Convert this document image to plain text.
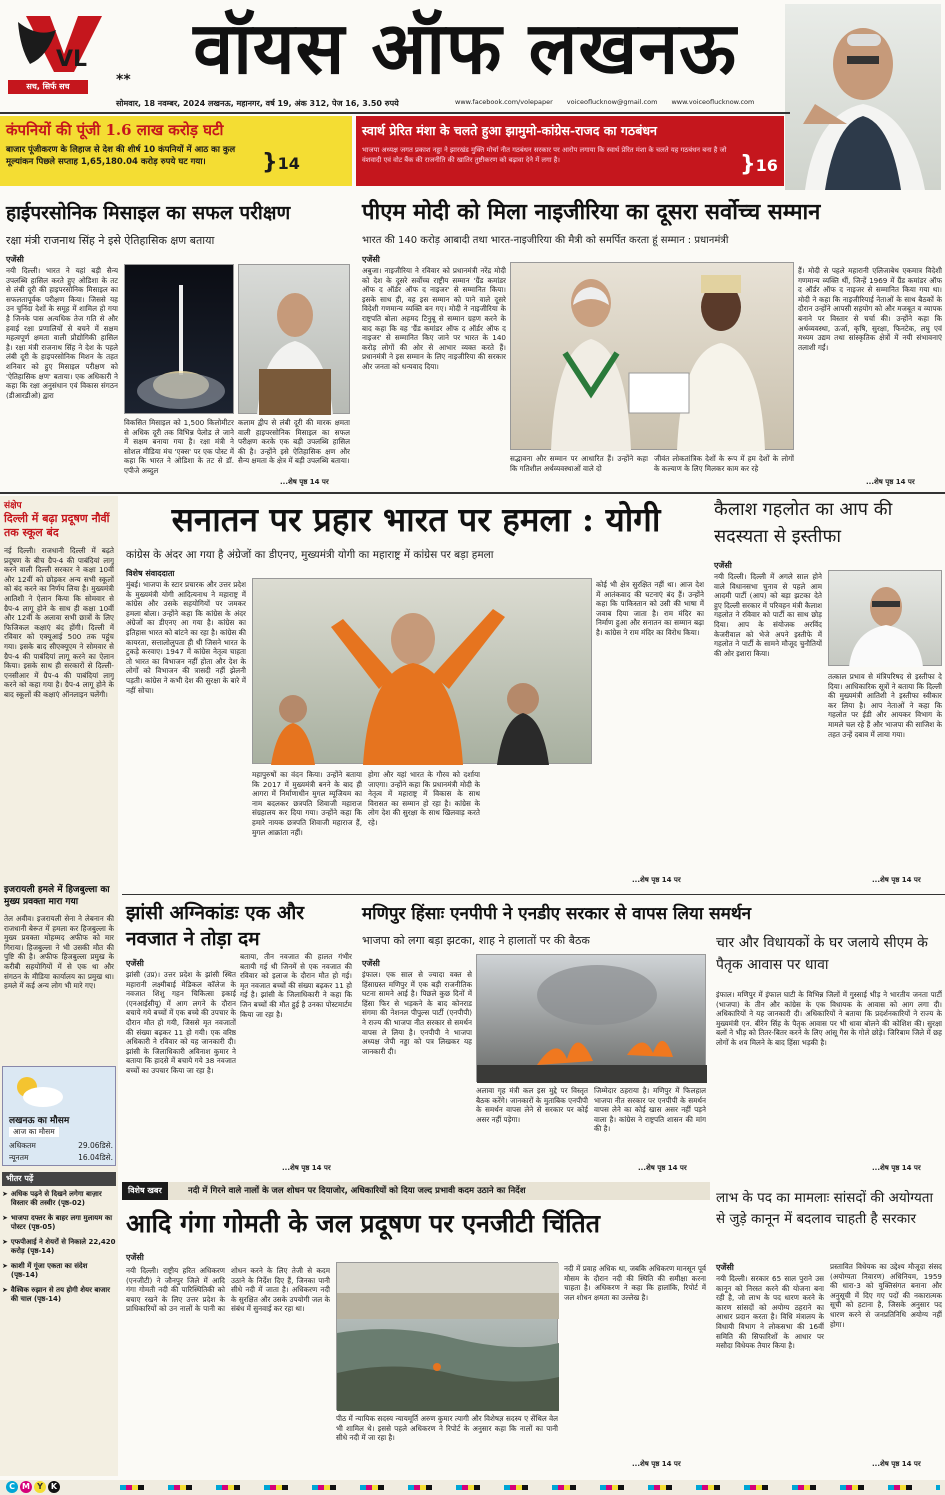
VL
सच, सिर्फ सच	** वॉयस ऑफ लखनऊ
सोमवार, 18 नवम्बर, 2024 लखनऊ, महानगर, वर्ष 19, अंक 312, पेज 16, 3.50 रुपये	www.facebook.com/volepaper voiceoflucknow@gmail.com www.voiceoflucknow.com
कंपनियों की पूंजी 1.6 लाख करोड़ घटी
बाजार पूंजीकरण के लिहाज से देश की शीर्ष 10 कंपनियों में आठ का कुल मूल्यांकन पिछले सप्ताह 1,65,180.04 करोड़ रुपये घट गया।	}14
स्वार्थ प्रेरित मंशा के चलते हुआ झामुमो-कांग्रेस-राजद का गठबंधन
भाजपा अध्यक्ष जगत प्रकाश नड्डा ने झारखंड मुक्ति मोर्चा नीत गठबंधन सरकार पर आरोप लगाया कि स्वार्थ प्रेरित मंशा के चलते यह गठबंधन बना है जो वंशवादी एवं वोट बैंक की राजनीति की खातिर तुष्टीकरण को बढ़ावा देने में लगा है।	}16
हाईपरसोनिक मिसाइल का सफल परीक्षण
रक्षा मंत्री राजनाथ सिंह ने इसे ऐतिहासिक क्षण बताया
एजेंसी
नयी दिल्ली। भारत ने यहां बड़ी सैन्य उपलब्धि हासिल करते हुए ओडिशा के तट से लंबी दूरी की हाइपरसोनिक मिसाइल का सफलतापूर्वक परीक्षण किया। जिससे यह उन चुनिंदा देशों के समूह में शामिल हो गया है जिनके पास अत्यधिक तेज गति से और हवाई रक्षा प्रणालियों से बचने में सक्षम महत्वपूर्ण क्षमता वाली प्रौद्योगिकी हासिल है। रक्षा मंत्री राजनाथ सिंह ने देश के पहले लंबी दूरी के हाइपरसोनिक मिशन के तहत शनिवार को हुए मिसाइल परीक्षण को 'ऐतिहासिक क्षण' बताया। एक अधिकारी ने कहा कि रक्षा अनुसंधान एवं विकास संगठन (डीआरडीओ) द्वारा
विकसित मिसाइल को 1,500 किलोमीटर से अधिक दूरी तक विभिन्न पेलोड ले जाने में सक्षम बनाया गया है। रक्षा मंत्री ने सोशल मीडिया मंच 'एक्स' पर एक पोस्ट में कहा कि भारत ने ओडिशा के तट से डॉ. एपीजे अब्दुल
कलाम द्वीप से लंबी दूरी की मारक क्षमता वाली हाइपरसोनिक मिसाइल का सफल परीक्षण करके एक बड़ी उपलब्धि हासिल की है। उन्होंने इसे ऐतिहासिक क्षण और सैन्य क्षमता के क्षेत्र में बड़ी उपलब्धि बताया।
...शेष पृष्ठ 14 पर
पीएम मोदी को मिला नाइजीरिया का दूसरा सर्वोच्च सम्मान
भारत की 140 करोड़ आबादी तथा भारत-नाइजीरिया की मैत्री को समर्पित करता हूं सम्मान : प्रधानमंत्री
एजेंसी
अबुजा। नाइजीरिया ने रविवार को प्रधानमंत्री नरेंद्र मोदी को देश के दूसरे सर्वोच्च राष्ट्रीय सम्मान 'ग्रैंड कमांडर ऑफ द ऑर्डर ऑफ द नाइजर' से सम्मानित किया। इसके साथ ही, वह इस सम्मान को पाने वाले दूसरे विदेशी गणमान्य व्यक्ति बन गए। मोदी ने नाइजीरिया के राष्ट्रपति बोला अहमद टिनुबू से सम्मान ग्रहण करने के बाद कहा कि वह 'ग्रैंड कमांडर ऑफ द ऑर्डर ऑफ द नाइजर' से सम्मानित किए जाने पर भारत के 140 करोड़ लोगों की ओर से आभार व्यक्त करते हैं। प्रधानमंत्री ने इस सम्मान के लिए नाइजीरिया की सरकार और जनता को धन्यवाद दिया।
सद्भावना और सम्मान पर आधारित हैं। उन्होंने कहा कि गतिशील अर्थव्यवस्थाओं वाले दो
जीवंत लोकतांत्रिक देशों के रूप में हम देशों के लोगों के कल्याण के लिए मिलकर काम कर रहे
हैं। मोदी से पहले महारानी एलिजाबेथ एकमात्र विदेशी गणमान्य व्यक्ति थीं, जिन्हें 1969 में ग्रैंड कमांडर ऑफ द ऑर्डर ऑफ द नाइजर से सम्मानित किया गया था। मोदी ने कहा कि नाइजीरियाई नेताओं के साथ बैठकों के दौरान उन्होंने आपसी सहयोग को और मजबूत व व्यापक बनाने पर विस्तार से चर्चा की। उन्होंने कहा कि अर्थव्यवस्था, ऊर्जा, कृषि, सुरक्षा, फिनटेक, लघु एवं मध्यम उद्यम तथा सांस्कृतिक क्षेत्रों में नयी संभावनाएं तलाशी गईं।
...शेष पृष्ठ 14 पर
संक्षेप
दिल्ली में बढ़ा प्रदूषण नौवीं तक स्कूल बंद
नई दिल्ली। राजधानी दिल्ली में बढ़ते प्रदूषण के बीच ग्रैप-4 की पाबंदियां लागू करने वाली दिल्ली सरकार ने कक्षा 10वीं और 12वीं को छोड़कर अन्य सभी स्कूलों को बंद करने का निर्णय लिया है। मुख्यमंत्री आतिशी ने ऐलान किया कि सोमवार से ग्रैप-4 लागू होने के साथ ही कक्षा 10वीं और 12वीं के अलावा सभी छात्रों के लिए फिजिकल कक्षाएं बंद होंगी। दिल्ली में रविवार को एक्यूआई 500 तक पहुंच गया। इसके बाद सीएक्यूएम ने सोमवार से ग्रैप-4 की पाबंदियां लागू करने का ऐलान किया। इसके साथ ही सरकारों से दिल्ली-एनसीआर में ग्रैप-4 की पाबंदियां लागू करने को कहा गया है। ग्रैप-4 लागू होने के बाद स्कूलों की कक्षाएं ऑनलाइन चलेंगी।
इजरायली हमले में हिजबुल्ला का मुख्य प्रवक्ता मारा गया
तेल अवीव। इजरायली सेना ने लेबनान की राजधानी बेरूत में हमला कर हिजबुल्ला के मुख्य प्रवक्ता मोहम्मद अफीफ को मार गिराया। हिजबुल्ला ने भी उसकी मौत की पुष्टि की है। अफीफ हिजबुल्ला प्रमुख के करीबी सहयोगियों में से एक था और संगठन के मीडिया कार्यालय का प्रमुख था। हमले में कई अन्य लोग भी मारे गए।
लखनऊ का मौसम
आज का मौसम
अधिकतम	29.06डिसे.
न्यूनतम	16.04डिसे.
भीतर पढ़ें
➤ अधिक पढ़ने से दिखने लगेगा बाज़ार विस्तार की तस्वीर (पृष्ठ-02)
➤ भाजपा दफ्तर के बाहर लगा मुलायम का पोस्टर (पृष्ठ-05)
➤ एफपीआई ने शेयरों से निकाले 22,420 करोड़ (पृष्ठ-14)
➤ काशी में गूंजा एकता का संदेश (पृष्ठ-14)
➤ वैश्विक रुझान से तय होगी शेयर बाजार की चाल (पृष्ठ-14)
सनातन पर प्रहार भारत पर हमला : योगी
कांग्रेस के अंदर आ गया है अंग्रेजों का डीएनए, मुख्यमंत्री योगी का महाराष्ट्र में कांग्रेस पर बड़ा हमला
विशेष संवाददाता
मुंबई। भाजपा के स्टार प्रचारक और उत्तर प्रदेश के मुख्यमंत्री योगी आदित्यनाथ ने महाराष्ट्र में कांग्रेस और उसके सहयोगियों पर जमकर हमला बोला। उन्होंने कहा कि कांग्रेस के अंदर अंग्रेजों का डीएनए आ गया है। कांग्रेस का इतिहास भारत को बांटने का रहा है। कांग्रेस की कायरता, सत्तालोलुपता ही थी जिसने भारत के टुकड़े करवाए। 1947 में कांग्रेस नेतृत्व चाहता तो भारत का विभाजन नहीं होता और देश के लोगों को विभाजन की त्रासदी नहीं झेलनी पड़ती। कांग्रेस ने कभी देश की सुरक्षा के बारे में नहीं सोचा।
महापुरुषों का वंदन किया। उन्होंने बताया कि 2017 में मुख्यमंत्री बनने के बाद ही आगरा में निर्माणाधीन मुगल म्यूजियम का नाम बदलकर छत्रपति शिवाजी महाराज संग्रहालय कर दिया गया। उन्होंने कहा कि हमारे नायक छत्रपति शिवाजी महाराज हैं, मुगल आक्रांता नहीं।
होगा और यहां भारत के गौरव को दर्शाया जाएगा। उन्होंने कहा कि प्रधानमंत्री मोदी के नेतृत्व में महाराष्ट्र में विकास के साथ विरासत का सम्मान हो रहा है। कांग्रेस के लोग देश की सुरक्षा के साथ खिलवाड़ करते रहे।
कोई भी क्षेत्र सुरक्षित नहीं था। आज देश में आतंकवाद की घटनाएं बंद हैं। उन्होंने कहा कि पाकिस्तान को उसी की भाषा में जवाब दिया जाता है। राम मंदिर का निर्माण हुआ और सनातन का सम्मान बढ़ा है। कांग्रेस ने राम मंदिर का विरोध किया।
...शेष पृष्ठ 14 पर
कैलाश गहलोत का आप की सदस्यता से इस्तीफा
एजेंसी
नयी दिल्ली। दिल्ली में अगले साल होने वाले विधानसभा चुनाव से पहले आम आदमी पार्टी (आप) को बड़ा झटका देते हुए दिल्ली सरकार में परिवहन मंत्री कैलाश गहलोत ने रविवार को पार्टी का साथ छोड़ दिया। आप के संयोजक अरविंद केजरीवाल को भेजे अपने इस्तीफे में गहलोत ने पार्टी के सामने मौजूद चुनौतियों की ओर इशारा किया।
तत्काल प्रभाव से मंत्रिपरिषद से इस्तीफा दे दिया। आधिकारिक सूत्रों ने बताया कि दिल्ली की मुख्यमंत्री आतिशी ने इस्तीफा स्वीकार कर लिया है। आप नेताओं ने कहा कि गहलोत पर ईडी और आयकर विभाग के मामले चल रहे हैं और भाजपा की साजिश के तहत उन्हें दबाव में लाया गया।
...शेष पृष्ठ 14 पर
झांसी अग्निकांडः एक और नवजात ने तोड़ा दम
एजेंसी
झांसी (उप्र)। उत्तर प्रदेश के झांसी स्थित महारानी लक्ष्मीबाई मेडिकल कॉलेज के नवजात शिशु गहन चिकित्सा इकाई (एनआईसीयू) में आग लगने के दौरान बचाये गये बच्चों में एक बच्चे की उपचार के दौरान मौत हो गयी, जिससे मृत नवजातों की संख्या बढ़कर 11 हो गयी। एक वरिष्ठ अधिकारी ने रविवार को यह जानकारी दी। झांसी के जिलाधिकारी अविनाश कुमार ने बताया कि हादसे में बचाये गये 38 नवजात बच्चों का उपचार किया जा रहा है।
बताया, तीन नवजात की हालत गंभीर बतायी गई थी जिनमें से एक नवजात की रविवार को इलाज के दौरान मौत हो गई। मृत नवजात बच्चों की संख्या बढ़कर 11 हो गई है। झांसी के जिलाधिकारी ने कहा कि जिन बच्चों की मौत हुई है उनका पोस्टमार्टम किया जा रहा है।
...शेष पृष्ठ 14 पर
मणिपुर हिंसाः एनपीपी ने एनडीए सरकार से वापस लिया समर्थन
भाजपा को लगा बड़ा झटका, शाह ने हालातों पर की बैठक
एजेंसी
इंफाल। एक साल से ज्यादा वक्त से हिंसाग्रस्त मणिपुर में एक बड़ी राजनीतिक घटना सामने आई है। पिछले कुछ दिनों में हिंसा फिर से भड़कने के बाद कोनराड संगमा की नेशनल पीपुल्स पार्टी (एनपीपी) ने राज्य की भाजपा नीत सरकार से समर्थन वापस ले लिया है। एनपीपी ने भाजपा अध्यक्ष जेपी नड्डा को पत्र लिखकर यह जानकारी दी।
अलावा गृह मंत्री कल इस मुद्दे पर विस्तृत बैठक करेंगे। जानकारों के मुताबिक एनपीपी के समर्थन वापस लेने से सरकार पर कोई असर नहीं पड़ेगा।
जिम्मेदार ठहराया है। मणिपुर में फिलहाल भाजपा नीत सरकार पर एनपीपी के समर्थन वापस लेने का कोई खास असर नहीं पड़ने वाला है। कांग्रेस ने राष्ट्रपति शासन की मांग की है।
...शेष पृष्ठ 14 पर
चार और विधायकों के घर जलाये सीएम के पैतृक आवास पर धावा
इंफाल। मणिपुर में इंफाल घाटी के विभिन्न जिलों में गुस्साई भीड़ ने भारतीय जनता पार्टी (भाजपा) के तीन और कांग्रेस के एक विधायक के आवास को आग लगा दी। अधिकारियों ने यह जानकारी दी। अधिकारियों ने बताया कि प्रदर्शनकारियों ने राज्य के मुख्यमंत्री एन. बीरेन सिंह के पैतृक आवास पर भी धावा बोलने की कोशिश की। सुरक्षा बलों ने भीड़ को तितर-बितर करने के लिए आंसू गैस के गोले छोड़े। जिरिबाम जिले में छह लोगों के शव मिलने के बाद हिंसा भड़की है।
...शेष पृष्ठ 14 पर
विशेष खबर	नदी में गिरने वाले नालों के जल शोधन पर दियाजोर, अधिकारियों को दिया जल्द प्रभावी कदम उठाने का निर्देश
आदि गंगा गोमती के जल प्रदूषण पर एनजीटी चिंतित
एजेंसी
नयी दिल्ली। राष्ट्रीय हरित अधिकरण (एनजीटी) ने जौनपुर जिले में आदि गंगा गोमती नदी की पारिस्थितिकी को बचाए रखने के लिए उत्तर प्रदेश के प्राधिकारियों को उन नालों के पानी का शोधन करने के लिए तेजी से कदम उठाने के निर्देश दिए हैं, जिनका पानी सीधे नदी में जाता है। अधिकरण नदी के सुरक्षित और उसके उपयोगी जल के संबंध में सुनवाई कर रहा था।
पीठ में न्यायिक सदस्य न्यायमूर्ति अरुण कुमार त्यागी और विशेषज्ञ सदस्य ए सेंथिल वेल भी शामिल थे। इससे पहले अधिकरण ने रिपोर्ट के अनुसार कहा कि नालों का पानी सीधे नदी में जा रहा है।
नदी में प्रवाह अधिक था, जबकि अधिकरण मानसून पूर्व मौसम के दौरान नदी की स्थिति की समीक्षा करना चाहता है। अधिकरण ने कहा कि हालांकि, रिपोर्ट में जल शोधन क्षमता का उल्लेख है।
...शेष पृष्ठ 14 पर
लाभ के पद का मामलाः सांसदों की अयोग्यता से जुड़े कानून में बदलाव चाहती है सरकार
एजेंसी
नयी दिल्ली। सरकार 65 साल पुराने उस कानून को निरस्त करने की योजना बना रही है, जो लाभ के पद धारण करने के कारण सांसदों को अयोग्य ठहराने का आधार प्रदान करता है। विधि मंत्रालय के विधायी विभाग ने लोकसभा की 16वीं समिति की सिफारिशों के आधार पर मसौदा विधेयक तैयार किया है।
प्रस्तावित विधेयक का उद्देश्य मौजूदा संसद (अयोग्यता निवारण) अधिनियम, 1959 की धारा-3 को युक्तिसंगत बनाना और अनुसूची में दिए गए पदों की नकारात्मक सूची को हटाना है, जिसके अनुसार पद धारण करने से जनप्रतिनिधि अयोग्य नहीं होगा।
...शेष पृष्ठ 14 पर
C M Y	K
